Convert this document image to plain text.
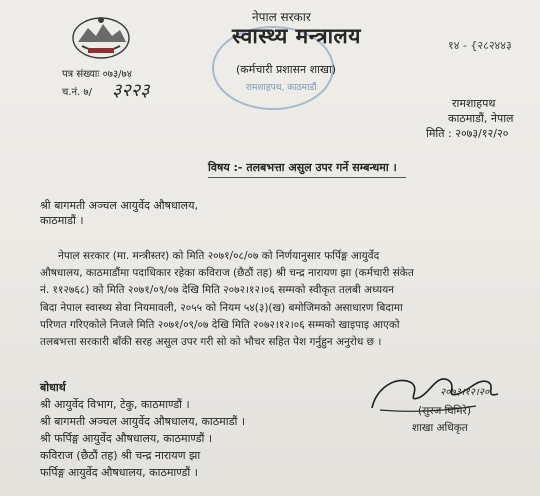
रामशाहपथ, काठमाडौं
नेपाल सरकार
स्वास्थ्य मन्त्रालय
(कर्मचारी प्रशासन शाखा)
१४ - {२८२४४३
पत्र संख्याः ०७३/७४
च.नं. ७/ ३२२३
रामशाहपथ
काठमाडौं, नेपाल
मिति : २०७३/१२/२०
विषय :- तलबभत्ता असुल उपर गर्ने सम्बन्धमा ।
श्री बागमती अञ्चल आयुर्वेद औषधालय,
काठमाडौं ।
नेपाल सरकार (मा. मन्त्रीस्तर) को मिति २०७१/०८/०७ को निर्णयानुसार फर्पिङ्ग आयुर्वेद
औषधालय, काठमाडौंमा पदाधिकार रहेका कविराज (छैठौं तह) श्री चन्द्र नारायण झा (कर्मचारी संकेत
नं. ११२७६८) को मिति २०७१/०९/०७ देखि मिति २०७२।१२।०६ सम्मको स्वीकृत तलबी अध्ययन
बिदा नेपाल स्वास्थ्य सेवा नियमावली, २०५५ को नियम ५४(३)(ख) बमोजिमको असाधारण बिदामा
परिणत गरिएकोले निजले मिति २०७१/०९/०७ देखि मिति २०७२।१२।०६ सम्मको खाइपाइ आएको
तलबभत्ता सरकारी बाँकी सरह असुल उपर गरी सो को भौचर सहित पेश गर्नुहुन अनुरोध छ ।
बोधार्थ
श्री आयुर्वेद विभाग, टेकु, काठमाण्डौं ।
श्री बागमती अञ्चल आयुर्वेद औषधालय, काठमाडौं ।
श्री फर्पिङ्ग आयुर्वेद औषधालय, काठमाण्डौं ।
कविराज (छैठौं तह) श्री चन्द्र नारायण झा
फर्पिङ्ग आयुर्वेद औषधालय, काठमाण्डौं ।
२०७३।१२।२०
(सुरज घिमिरे)
शाखा अधिकृत
